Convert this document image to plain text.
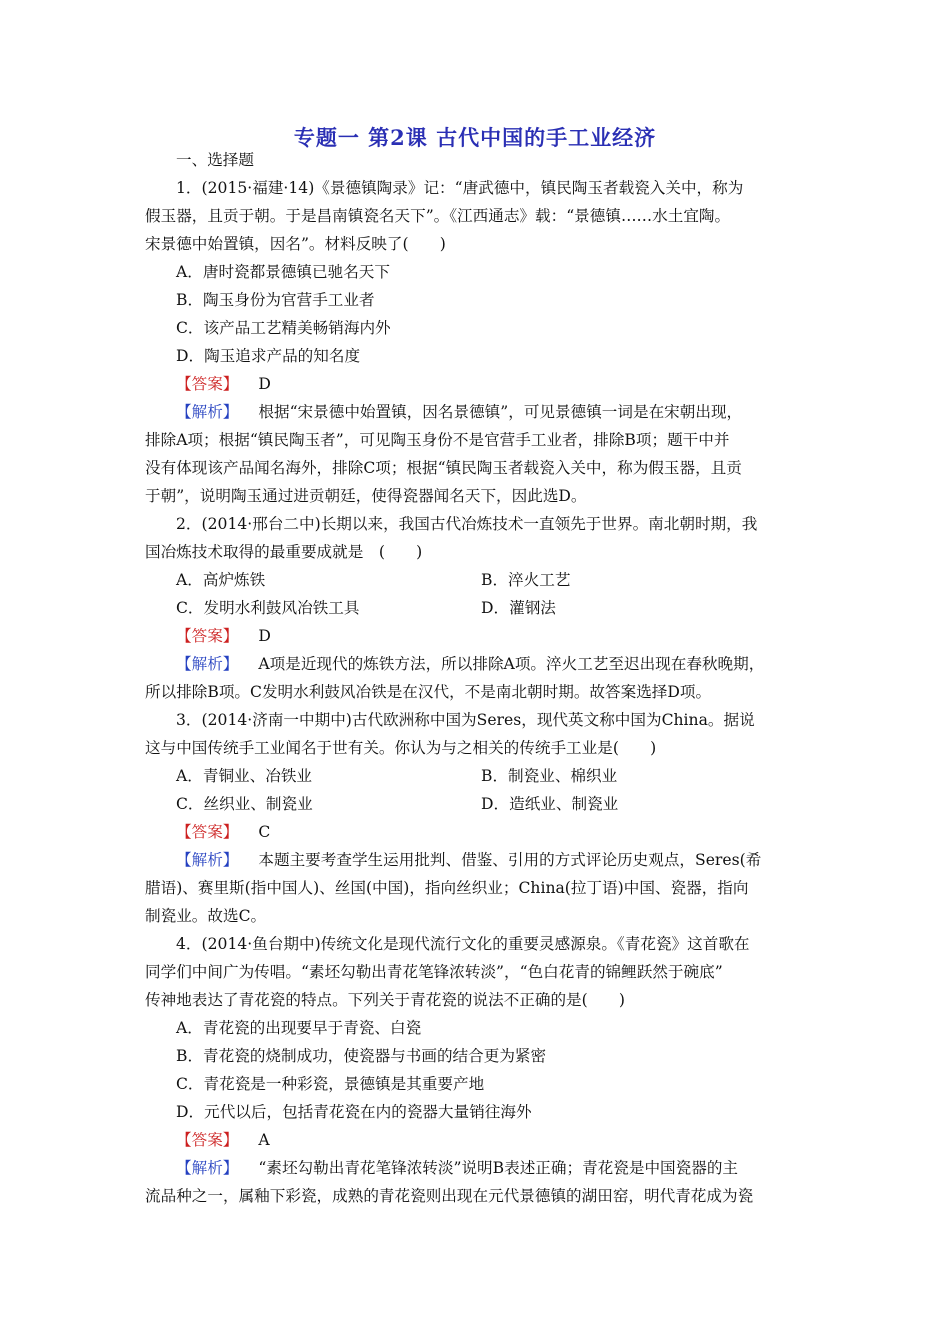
专题一 第2课 古代中国的手工业经济
一、选择题
1．(2015·福建·14)《景德镇陶录》记：“唐武德中，镇民陶玉者载瓷入关中，称为
假玉器，且贡于朝。于是昌南镇瓷名天下”。《江西通志》载：“景德镇……水土宜陶。
宋景德中始置镇，因名”。材料反映了(　　)
A．唐时瓷都景德镇已驰名天下
B．陶玉身份为官营手工业者
C．该产品工艺精美畅销海内外
D．陶玉追求产品的知名度
【答案】 D
【解析】 根据“宋景德中始置镇，因名景德镇”，可见景德镇一词是在宋朝出现，
排除A项；根据“镇民陶玉者”，可见陶玉身份不是官营手工业者，排除B项；题干中并
没有体现该产品闻名海外，排除C项；根据“镇民陶玉者载瓷入关中，称为假玉器，且贡
于朝”，说明陶玉通过进贡朝廷，使得瓷器闻名天下，因此选D。
2．(2014·邢台二中)长期以来，我国古代冶炼技术一直领先于世界。南北朝时期，我
国冶炼技术取得的最重要成就是　(　　)
A．高炉炼铁	B．淬火工艺
C．发明水利鼓风冶铁工具	D．灌钢法
【答案】 D
【解析】 A项是近现代的炼铁方法，所以排除A项。淬火工艺至迟出现在春秋晚期，
所以排除B项。C发明水利鼓风冶铁是在汉代，不是南北朝时期。故答案选择D项。
3．(2014·济南一中期中)古代欧洲称中国为Seres，现代英文称中国为China。据说
这与中国传统手工业闻名于世有关。你认为与之相关的传统手工业是(　　)
A．青铜业、冶铁业	B．制瓷业、棉织业
C．丝织业、制瓷业	D．造纸业、制瓷业
【答案】 C
【解析】 本题主要考查学生运用批判、借鉴、引用的方式评论历史观点，Seres(希
腊语)、赛里斯(指中国人)、丝国(中国)，指向丝织业；China(拉丁语)中国、瓷器，指向
制瓷业。故选C。
4．(2014·鱼台期中)传统文化是现代流行文化的重要灵感源泉。《青花瓷》这首歌在
同学们中间广为传唱。“素坯勾勒出青花笔锋浓转淡”，“色白花青的锦鲤跃然于碗底”
传神地表达了青花瓷的特点。下列关于青花瓷的说法不正确的是(　　)
A．青花瓷的出现要早于青瓷、白瓷
B．青花瓷的烧制成功，使瓷器与书画的结合更为紧密
C．青花瓷是一种彩瓷，景德镇是其重要产地
D．元代以后，包括青花瓷在内的瓷器大量销往海外
【答案】 A
【解析】 “素坯勾勒出青花笔锋浓转淡”说明B表述正确；青花瓷是中国瓷器的主
流品种之一，属釉下彩瓷，成熟的青花瓷则出现在元代景德镇的湖田窑，明代青花成为瓷
